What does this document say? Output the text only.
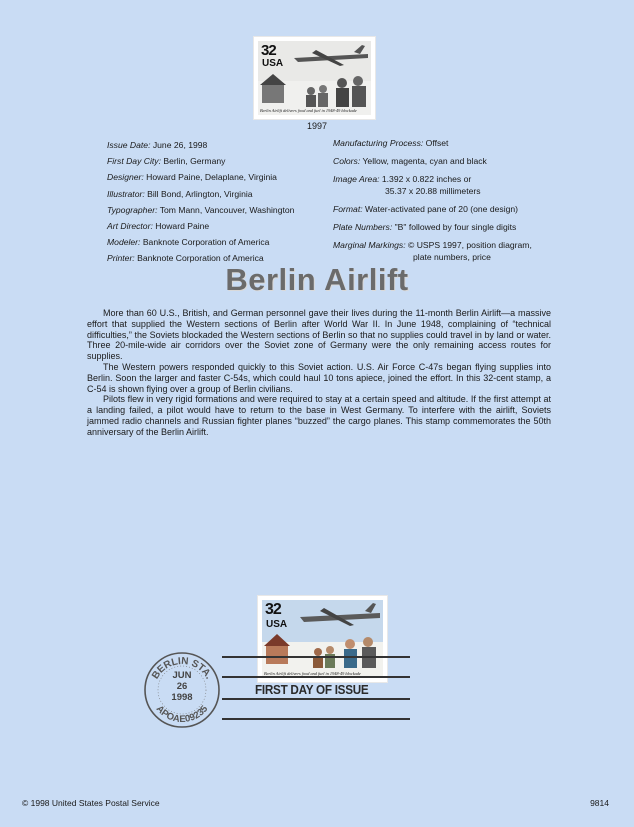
32
USA
Berlin Airlift delivers food and fuel in 1948-49 blockade
1997
Issue Date: June 26, 1998
First Day City: Berlin, Germany
Designer: Howard Paine, Delaplane, Virginia
Illustrator: Bill Bond, Arlington, Virginia
Typographer: Tom Mann, Vancouver, Washington
Art Director: Howard Paine
Modeler: Banknote Corporation of America
Printer: Banknote Corporation of America
Manufacturing Process: Offset
Colors: Yellow, magenta, cyan and black
Image Area: 1.392 x 0.822 inches or
35.37 x 20.88 millimeters
Format: Water-activated pane of 20 (one design)
Plate Numbers: "B" followed by four single digits
Marginal Markings: © USPS 1997, position diagram,
plate numbers, price
Berlin Airlift

More than 60 U.S., British, and German personnel gave their lives during the 11-month Berlin Airlift—a massive effort that supplied the Western sections of Berlin after World War II. In June 1948, complaining of “technical difficulties,” the Soviets blockaded the Western sections of Berlin so that no supplies could travel in by land or water. Three 20-mile-wide air corridors over the Soviet zone of Germany were the only remaining access routes for supplies.

The Western powers responded quickly to this Soviet action. U.S. Air Force C-47s began flying supplies into Berlin. Soon the larger and faster C-54s, which could haul 10 tons apiece, joined the effort. In this 32-cent stamp, a C-54 is shown flying over a group of Berlin civilians.

Pilots flew in very rigid formations and were required to stay at a certain speed and altitude. If the first attempt at a landing failed, a pilot would have to return to the base in West Germany. To interfere with the airlift, Soviets jammed radio channels and Russian fighter planes “buzzed” the cargo planes. This stamp commemorates the 50th anniversary of the Berlin Airlift.

32
USA
Berlin Airlift delivers food and fuel in 1948-49 blockade
FIRST DAY OF ISSUE
BERLIN STA.
APOAE09235
JUN
26
1998
© 1998 United States Postal Service	9814
